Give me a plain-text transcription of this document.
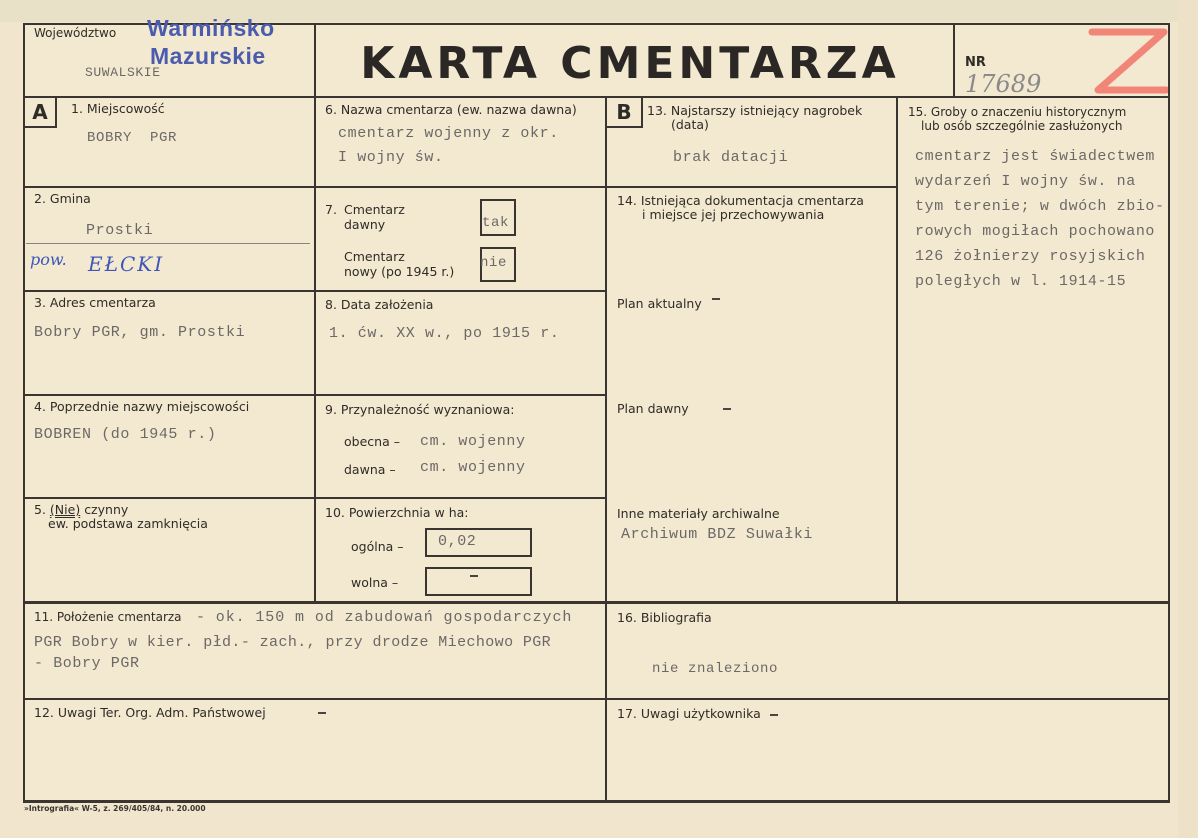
Województwo Warmińsko
Mazurskie
SUWALSKIE	KARTA CMENTARZA	NR
17689
A	1. Miejscowość
BOBRY  PGR
2. Gmina
Prostki
pow. EŁCKI
3. Adres cmentarza
Bobry PGR, gm. Prostki
4. Poprzednie nazwy miejscowości
BOBREN (do 1945 r.)
5. (Nie) czynny
ew. podstawa zamknięcia
6. Nazwa cmentarza (ew. nazwa dawna)
cmentarz wojenny z okr.
I wojny św.
7. Cmentarz
dawny	tak
Cmentarz
nowy (po 1945 r.)
nie
8. Data założenia
1. ćw. XX w., po 1915 r.
9. Przynależność wyznaniowa:
obecna – cm. wojenny
dawna – cm. wojenny
10. Powierzchnia w ha:
ogólna – 0,02
wolna –
11. Położenie cmentarza - ok. 150 m od zabudowań gospodarczych
PGR Bobry w kier. płd.- zach., przy drodze Miechowo PGR
- Bobry PGR
12. Uwagi Ter. Org. Adm. Państwowej
B	13. Najstarszy istniejący nagrobek
(data)
brak datacji
14. Istniejąca dokumentacja cmentarza
i miejsce jej przechowywania
Plan aktualny
Plan dawny
Inne materiały archiwalne
Archiwum BDZ Suwałki
15. Groby o znaczeniu historycznym
lub osób szczególnie zasłużonych
cmentarz jest świadectwem
wydarzeń I wojny św. na
tym terenie; w dwóch zbio-
rowych mogiłach pochowano
126 żołnierzy rosyjskich
poległych w l. 1914-15
16. Bibliografia
nie znaleziono
17. Uwagi użytkownika
»Intrografia« W-5, z. 269/405/84, n. 20.000
